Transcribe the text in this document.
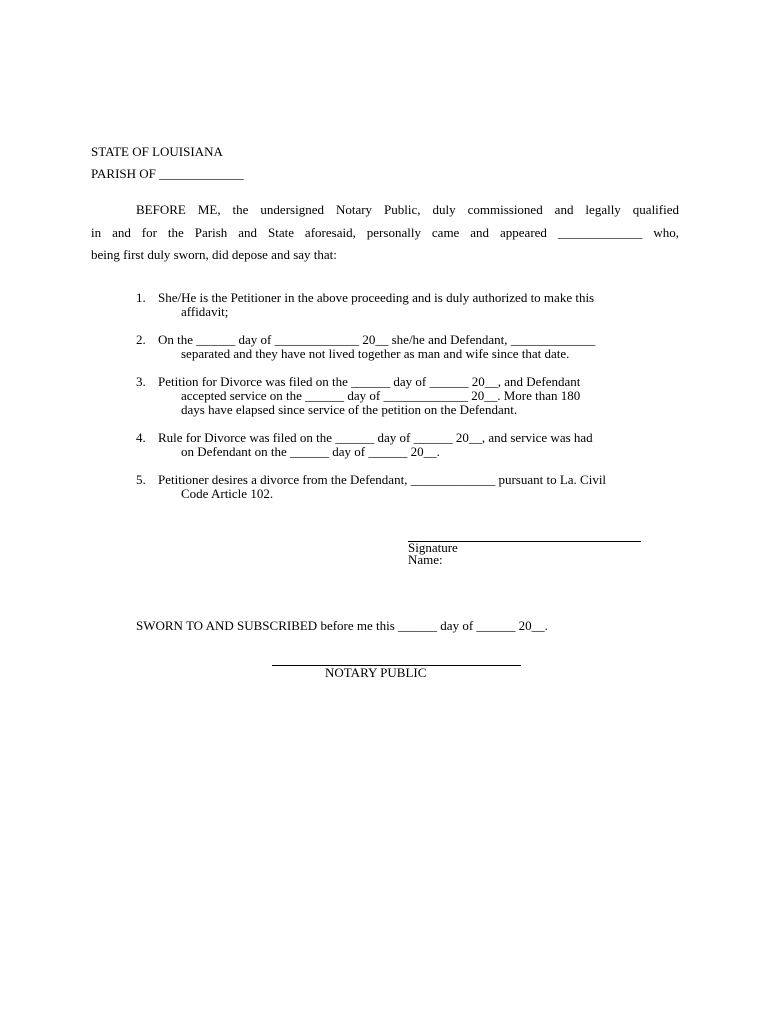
STATE OF LOUISIANA
PARISH OF _____________
BEFORE ME, the undersigned Notary Public, duly commissioned and legally qualified
in and for the Parish and State aforesaid, personally came and appeared _____________ who,
being first duly sworn, did depose and say that:
1. She/He is the Petitioner in the above proceeding and is duly authorized to make this
affidavit;
2. On the ______ day of _____________ 20__ she/he and Defendant, _____________
separated and they have not lived together as man and wife since that date.
3. Petition for Divorce was filed on the ______ day of ______ 20__, and Defendant
accepted service on the ______ day of _____________ 20__. More than 180
days have elapsed since service of the petition on the Defendant.
4. Rule for Divorce was filed on the ______ day of ______ 20__, and service was had
on Defendant on the ______ day of ______ 20__.
5. Petitioner desires a divorce from the Defendant, _____________ pursuant to La. Civil
Code Article 102.
Signature
Name:
SWORN TO AND SUBSCRIBED before me this ______ day of ______ 20__.
NOTARY PUBLIC
